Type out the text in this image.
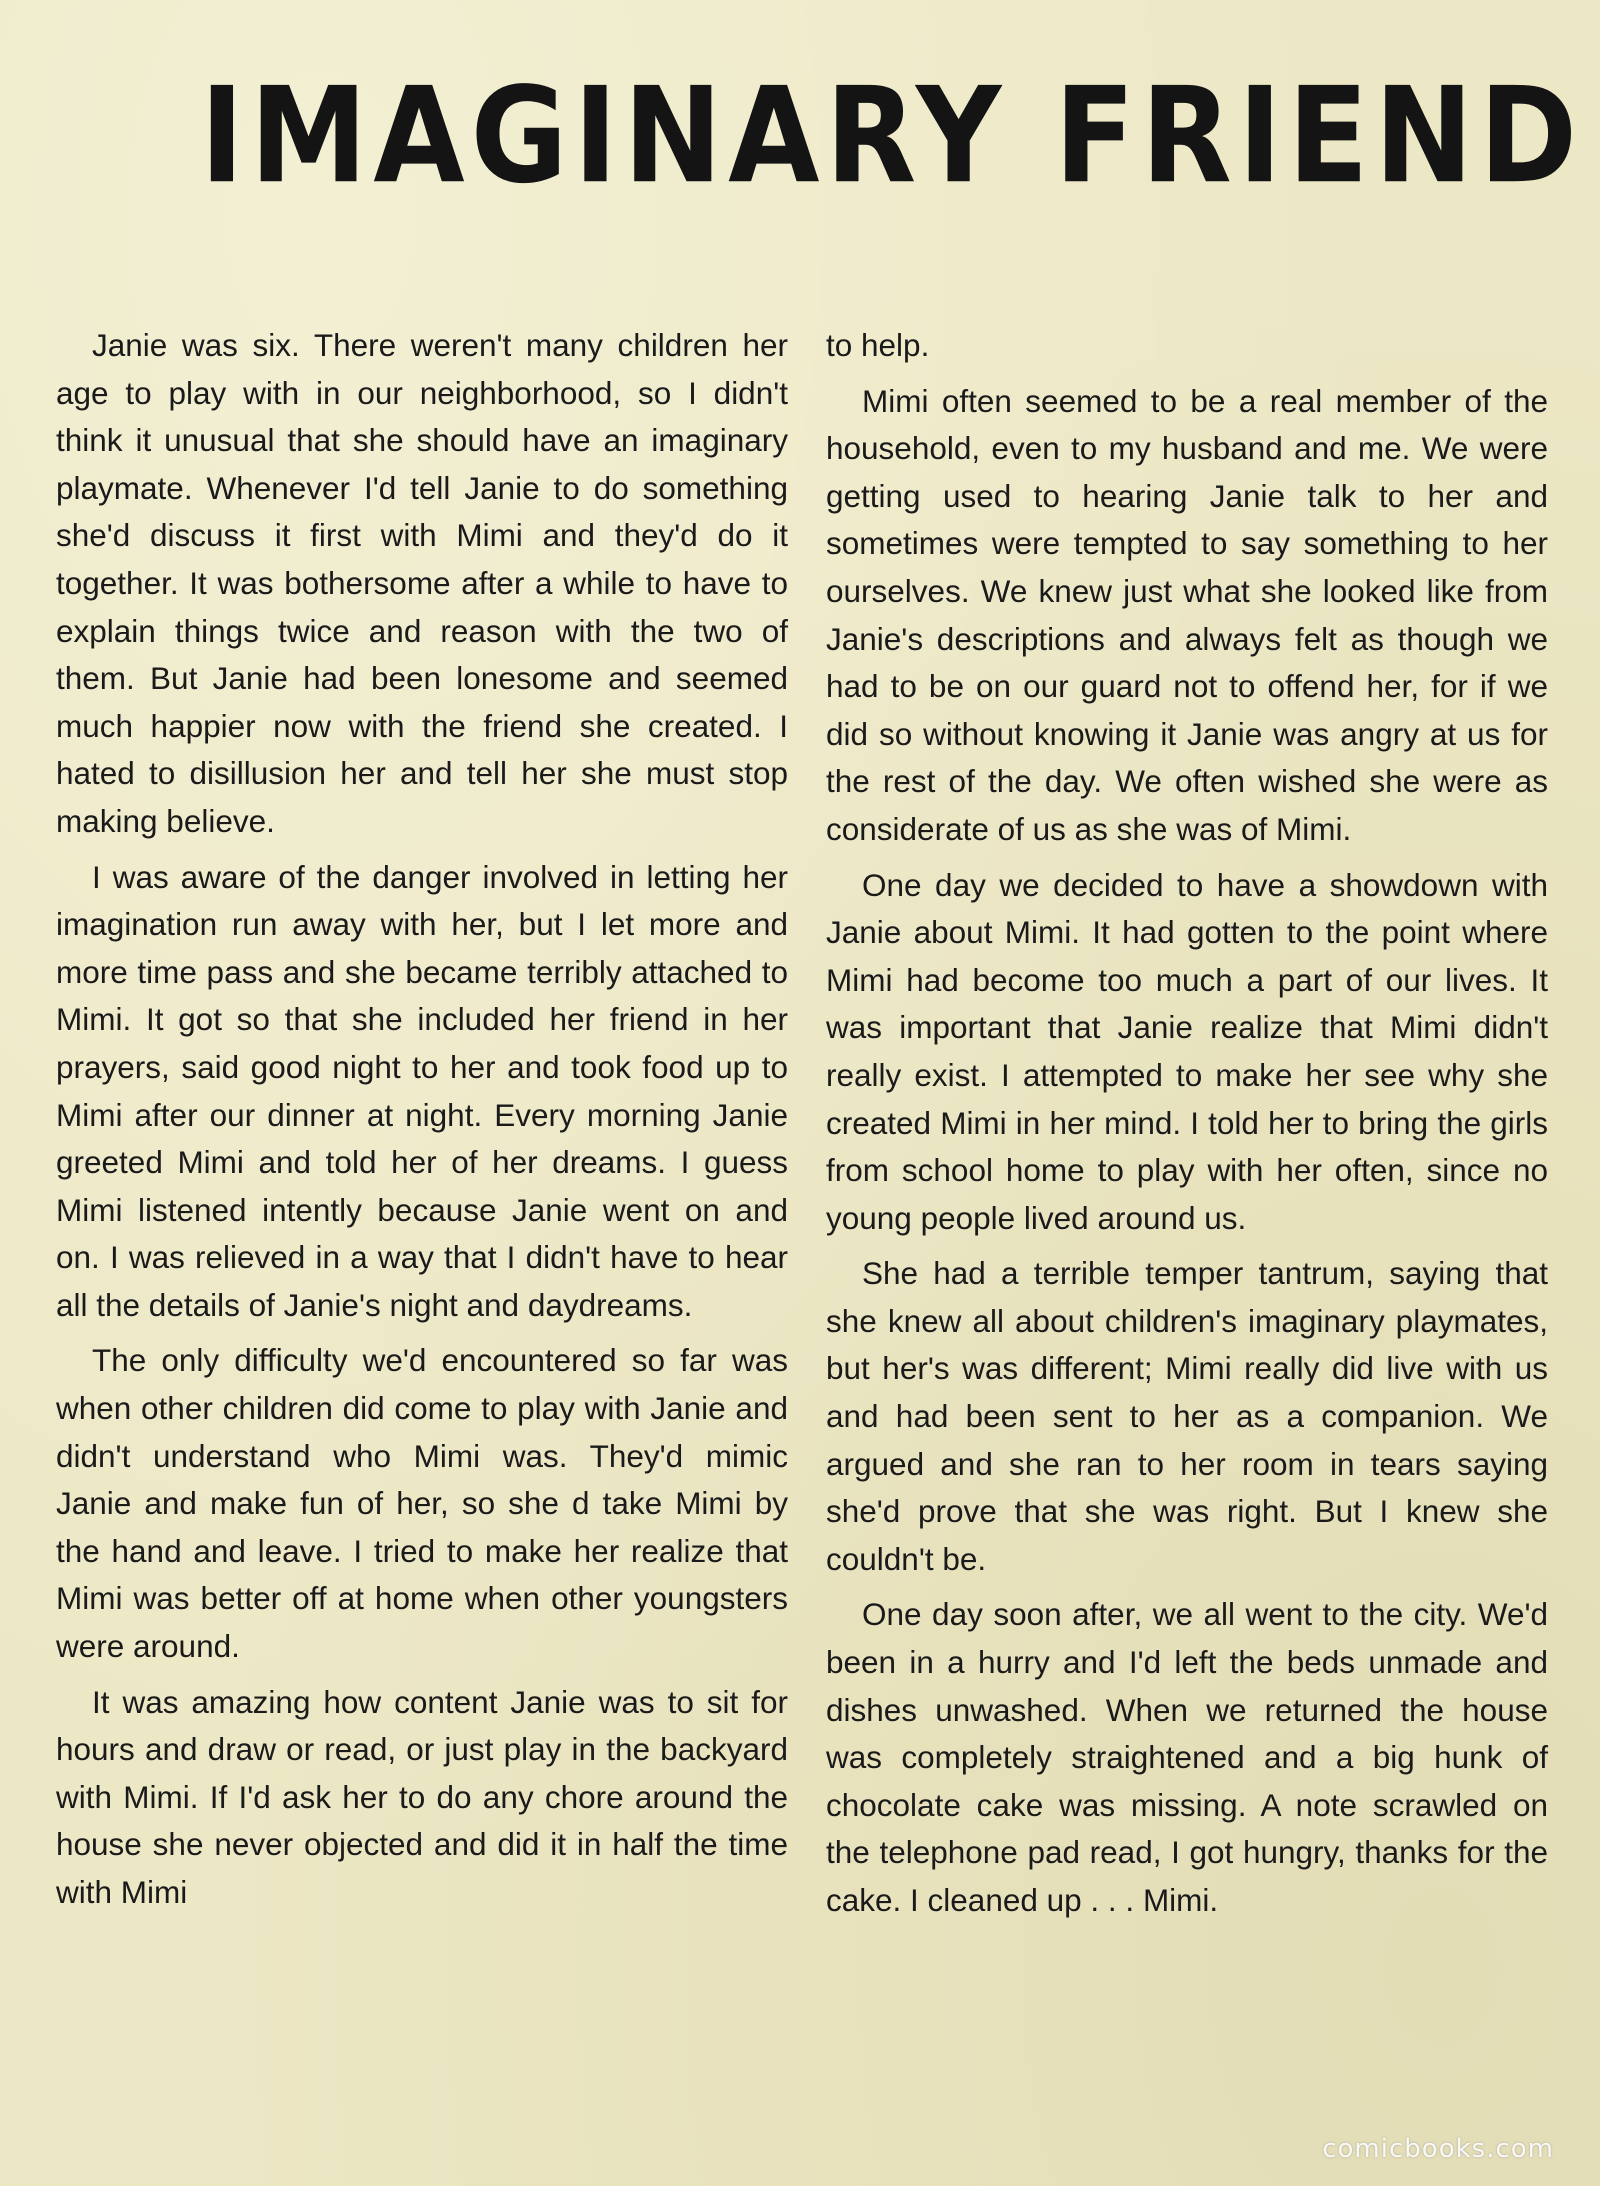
IMAGINARY FRIEND

Janie was six. There weren't many children her age to play with in our neighborhood, so I didn't think it unusual that she should have an imaginary playmate. Whenever I'd tell Janie to do something she'd discuss it first with Mimi and they'd do it together. It was bothersome after a while to have to explain things twice and reason with the two of them. But Janie had been lonesome and seemed much happier now with the friend she created. I hated to disillusion her and tell her she must stop making believe.

I was aware of the danger involved in letting her imagination run away with her, but I let more and more time pass and she became terribly attached to Mimi. It got so that she included her friend in her prayers, said good night to her and took food up to Mimi after our dinner at night. Every morning Janie greeted Mimi and told her of her dreams. I guess Mimi listened intently because Janie went on and on. I was relieved in a way that I didn't have to hear all the details of Janie's night and daydreams.

The only difficulty we'd encountered so far was when other children did come to play with Janie and didn't understand who Mimi was. They'd mimic Janie and make fun of her, so she d take Mimi by the hand and leave. I tried to make her realize that Mimi was better off at home when other youngsters were around.

It was amazing how content Janie was to sit for hours and draw or read, or just play in the backyard with Mimi. If I'd ask her to do any chore around the house she never objected and did it in half the time with Mimi

to help.

Mimi often seemed to be a real member of the household, even to my husband and me. We were getting used to hearing Janie talk to her and sometimes were tempted to say something to her ourselves. We knew just what she looked like from Janie's descriptions and always felt as though we had to be on our guard not to offend her, for if we did so without knowing it Janie was angry at us for the rest of the day. We often wished she were as considerate of us as she was of Mimi.

One day we decided to have a showdown with Janie about Mimi. It had gotten to the point where Mimi had become too much a part of our lives. It was important that Janie realize that Mimi didn't really exist. I attempted to make her see why she created Mimi in her mind. I told her to bring the girls from school home to play with her often, since no young people lived around us.

She had a terrible temper tantrum, saying that she knew all about children's imaginary playmates, but her's was different; Mimi really did live with us and had been sent to her as a companion. We argued and she ran to her room in tears saying she'd prove that she was right. But I knew she couldn't be.

One day soon after, we all went to the city. We'd been in a hurry and I'd left the beds unmade and dishes unwashed. When we returned the house was completely straightened and a big hunk of chocolate cake was missing. A note scrawled on the telephone pad read, I got hungry, thanks for the cake. I cleaned up . . . Mimi.

comicbooks.com
